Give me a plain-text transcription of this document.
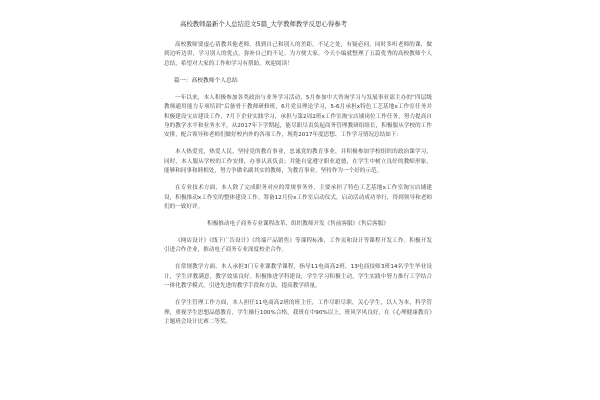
高校教师最新个人总结范文5篇_大学教师教学反思心得参考

高校教师要虚心请教其他老师，找到自己和别人的差距，不足之处，有疑必问，同时多听老师的课，做到边听边讲，学习别人的优点，弥补自己的不足。为方便大家，今天小编就整理了五篇优秀的高校教师个人总结，希望对大家的工作和学习有帮助，欢迎阅读！

篇一：高校教师个人总结

一年以来，本人积极参加各类政治与业务学习活动，5月参加中大咨询学习与发展事业部主办的“四层级教师通用能力专项培训”后备骨干教师研修班，6月党员理论学习，5-6月承担x特色工艺基地x工作室任务并积极建设宝店建设工作，7月下企业实践学习，承担与第2周2班x工作室淘宝店铺岗位工作任务，努力提高自身的教学水平和业务水平，从2017年下学期起，能尽职尽责负起商务管理教研组组长，积极服从学校的工作安排，配合领导和老师们做好校内外的各项工作，现将2017年度思想、工作学习情况总结如下：

本人热爱党，热爱人民，坚持党的教育事业，忠诚党的教育事业，并积极参加学校组织的政治课学习，同时，本人服从学校的工作安排，办事认真负责；并能自觉遵守职业道德，在学生中树立良好的教师形象，能够和同事和睦相处，努力争做名副其实的教师，为教育事业。坚持作为一个好的示范。

在专业技术方面，本人除了完成职务对应的常规事务外，主要承担了特色工艺基地x工作室淘宝店铺建设，积极推动x工作室的整体建设工作。筹备12月份x工作室启动仪式，启动活动成功举行，得到领导和老师们的一致好评。

积极推动电子商务专业课程改革，组织教师开发《售前客服》《售后客服》

《网店设计》《线下广告设计》《终端产品销售》等课程标准，工作页和设计等课程开发工作。积极开发引进合作企业，推动电子商务专业深度校企合作。

在常规教学方面，本人承担3门专业课教学课程，指导11电商高2班、13电商技师3班14名学生毕业设计，学生评教满意，教学效果良好。积极推进学科建设，学生学习积极主动，学生实践中努力推行工学结合一体化教学模式，引进先进的教学手段和方法，提高教学质量。

在学生管理工作方面，本人担任11电商高2班的班主任，工作尽职尽职，关心学生，以人为本，科学管理，重视学生思想品德教育，学生操行100%合格，我班在中90%以上，班风学风良好，在《心理健康教育》主题班会设计比赛二等奖。
